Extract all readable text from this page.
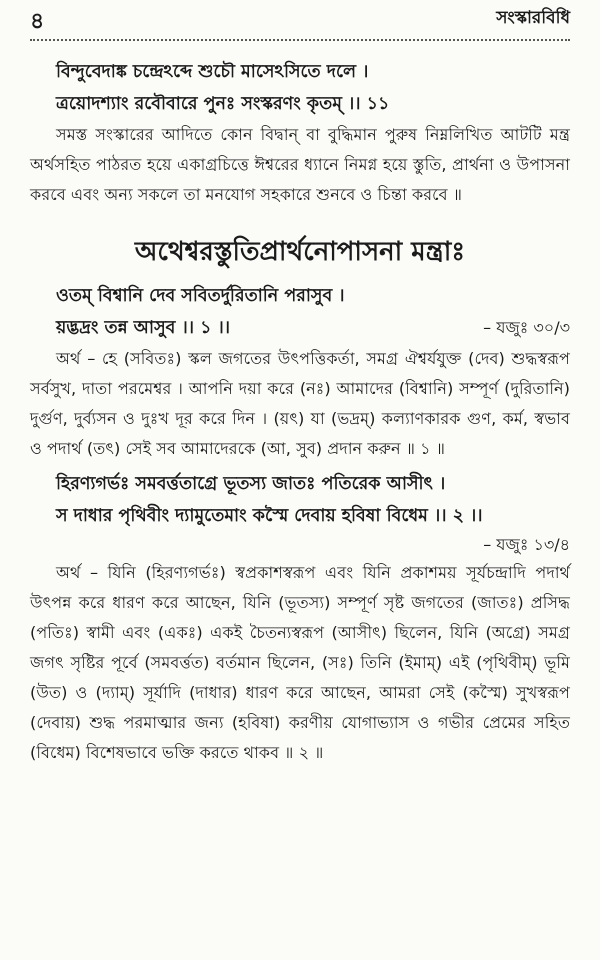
৪	সংস্কারবিধি
বিন্দুবেদাঙ্ক চন্দ্রেঽব্দে শুচৌ মাসেঽসিতে দলে ।
ত্রয়োদশ্যাং রবৌবারে পুনঃ সংস্করণং কৃতম্ ।। ১১

সমস্ত সংস্কারের আদিতে কোন বিদ্বান্ বা বুদ্ধিমান পুরুষ নিম্নলিখিত আটটি মন্ত্র অর্থসহিত পাঠরত হয়ে একাগ্রচিত্তে ঈশ্বরের ধ্যানে নিমগ্ন হয়ে স্তুতি, প্রার্থনা ও উপাসনা করবে এবং অন্য সকলে তা মনযোগ সহকারে শুনবে ও চিন্তা করবে ॥

অথেশ্বরস্তুতিপ্রার্থনোপাসনা মন্ত্রাঃ
ওতম্ বিশ্বানি দেব সবিতর্দুরিতানি পরাসুব ।
য়দ্ভদ্রং তন্ন আসুব ।। ১ ।।	– যজুঃ ৩০/৩

অর্থ – হে (সবিতঃ) স্কল জগতের উৎপত্তিকর্তা, সমগ্র ঐশ্বর্যযুক্ত (দেব) শুদ্ধস্বরূপ সর্বসুখ, দাতা পরমেশ্বর । আপনি দয়া করে (নঃ) আমাদের (বিশ্বানি) সম্পূর্ণ (দুরিতানি) দুর্গুণ, দুর্ব্যসন ও দুঃখ দূর করে দিন । (য়ৎ) যা (ভদ্রম্) কল্যাণকারক গুণ, কর্ম, স্বভাব ও পদার্থ (তৎ) সেই সব আমাদেরকে (আ, সুব) প্রদান করুন ॥ ১ ॥

হিরণ্যগর্ভঃ সমবর্ত্ততাগ্রে ভূতস্য জাতঃ পতিরেক আসীৎ ।
স দাধার পৃথিবীং দ্যামুতেমাং কস্মৈ দেবায় হবিষা বিধেম ।। ২ ।।
– যজুঃ ১৩/৪

অর্থ – যিনি (হিরণ্যগর্ভঃ) স্বপ্রকাশস্বরূপ এবং যিনি প্রকাশময় সূর্যচন্দ্রাদি পদার্থ উৎপন্ন করে ধারণ করে আছেন, যিনি (ভূতস্য) সম্পূর্ণ সৃষ্ট জগতের (জাতঃ) প্রসিদ্ধ (পতিঃ) স্বামী এবং (একঃ) একই চৈতন্যস্বরূপ (আসীৎ) ছিলেন, যিনি (অগ্রে) সমগ্র জগৎ সৃষ্টির পূর্বে (সমবর্ত্তত) বর্তমান ছিলেন, (সঃ) তিনি (ইমাম্) এই (পৃথিবীম্) ভূমি (উত) ও (দ্যাম্) সূর্যাদি (দাধার) ধারণ করে আছেন, আমরা সেই (কস্মৈ) সুখস্বরূপ (দেবায়) শুদ্ধ পরমাত্মার জন্য (হবিষা) করণীয় যোগাভ্যাস ও গভীর প্রেমের সহিত (বিধেম) বিশেষভাবে ভক্তি করতে থাকব ॥ ২ ॥
